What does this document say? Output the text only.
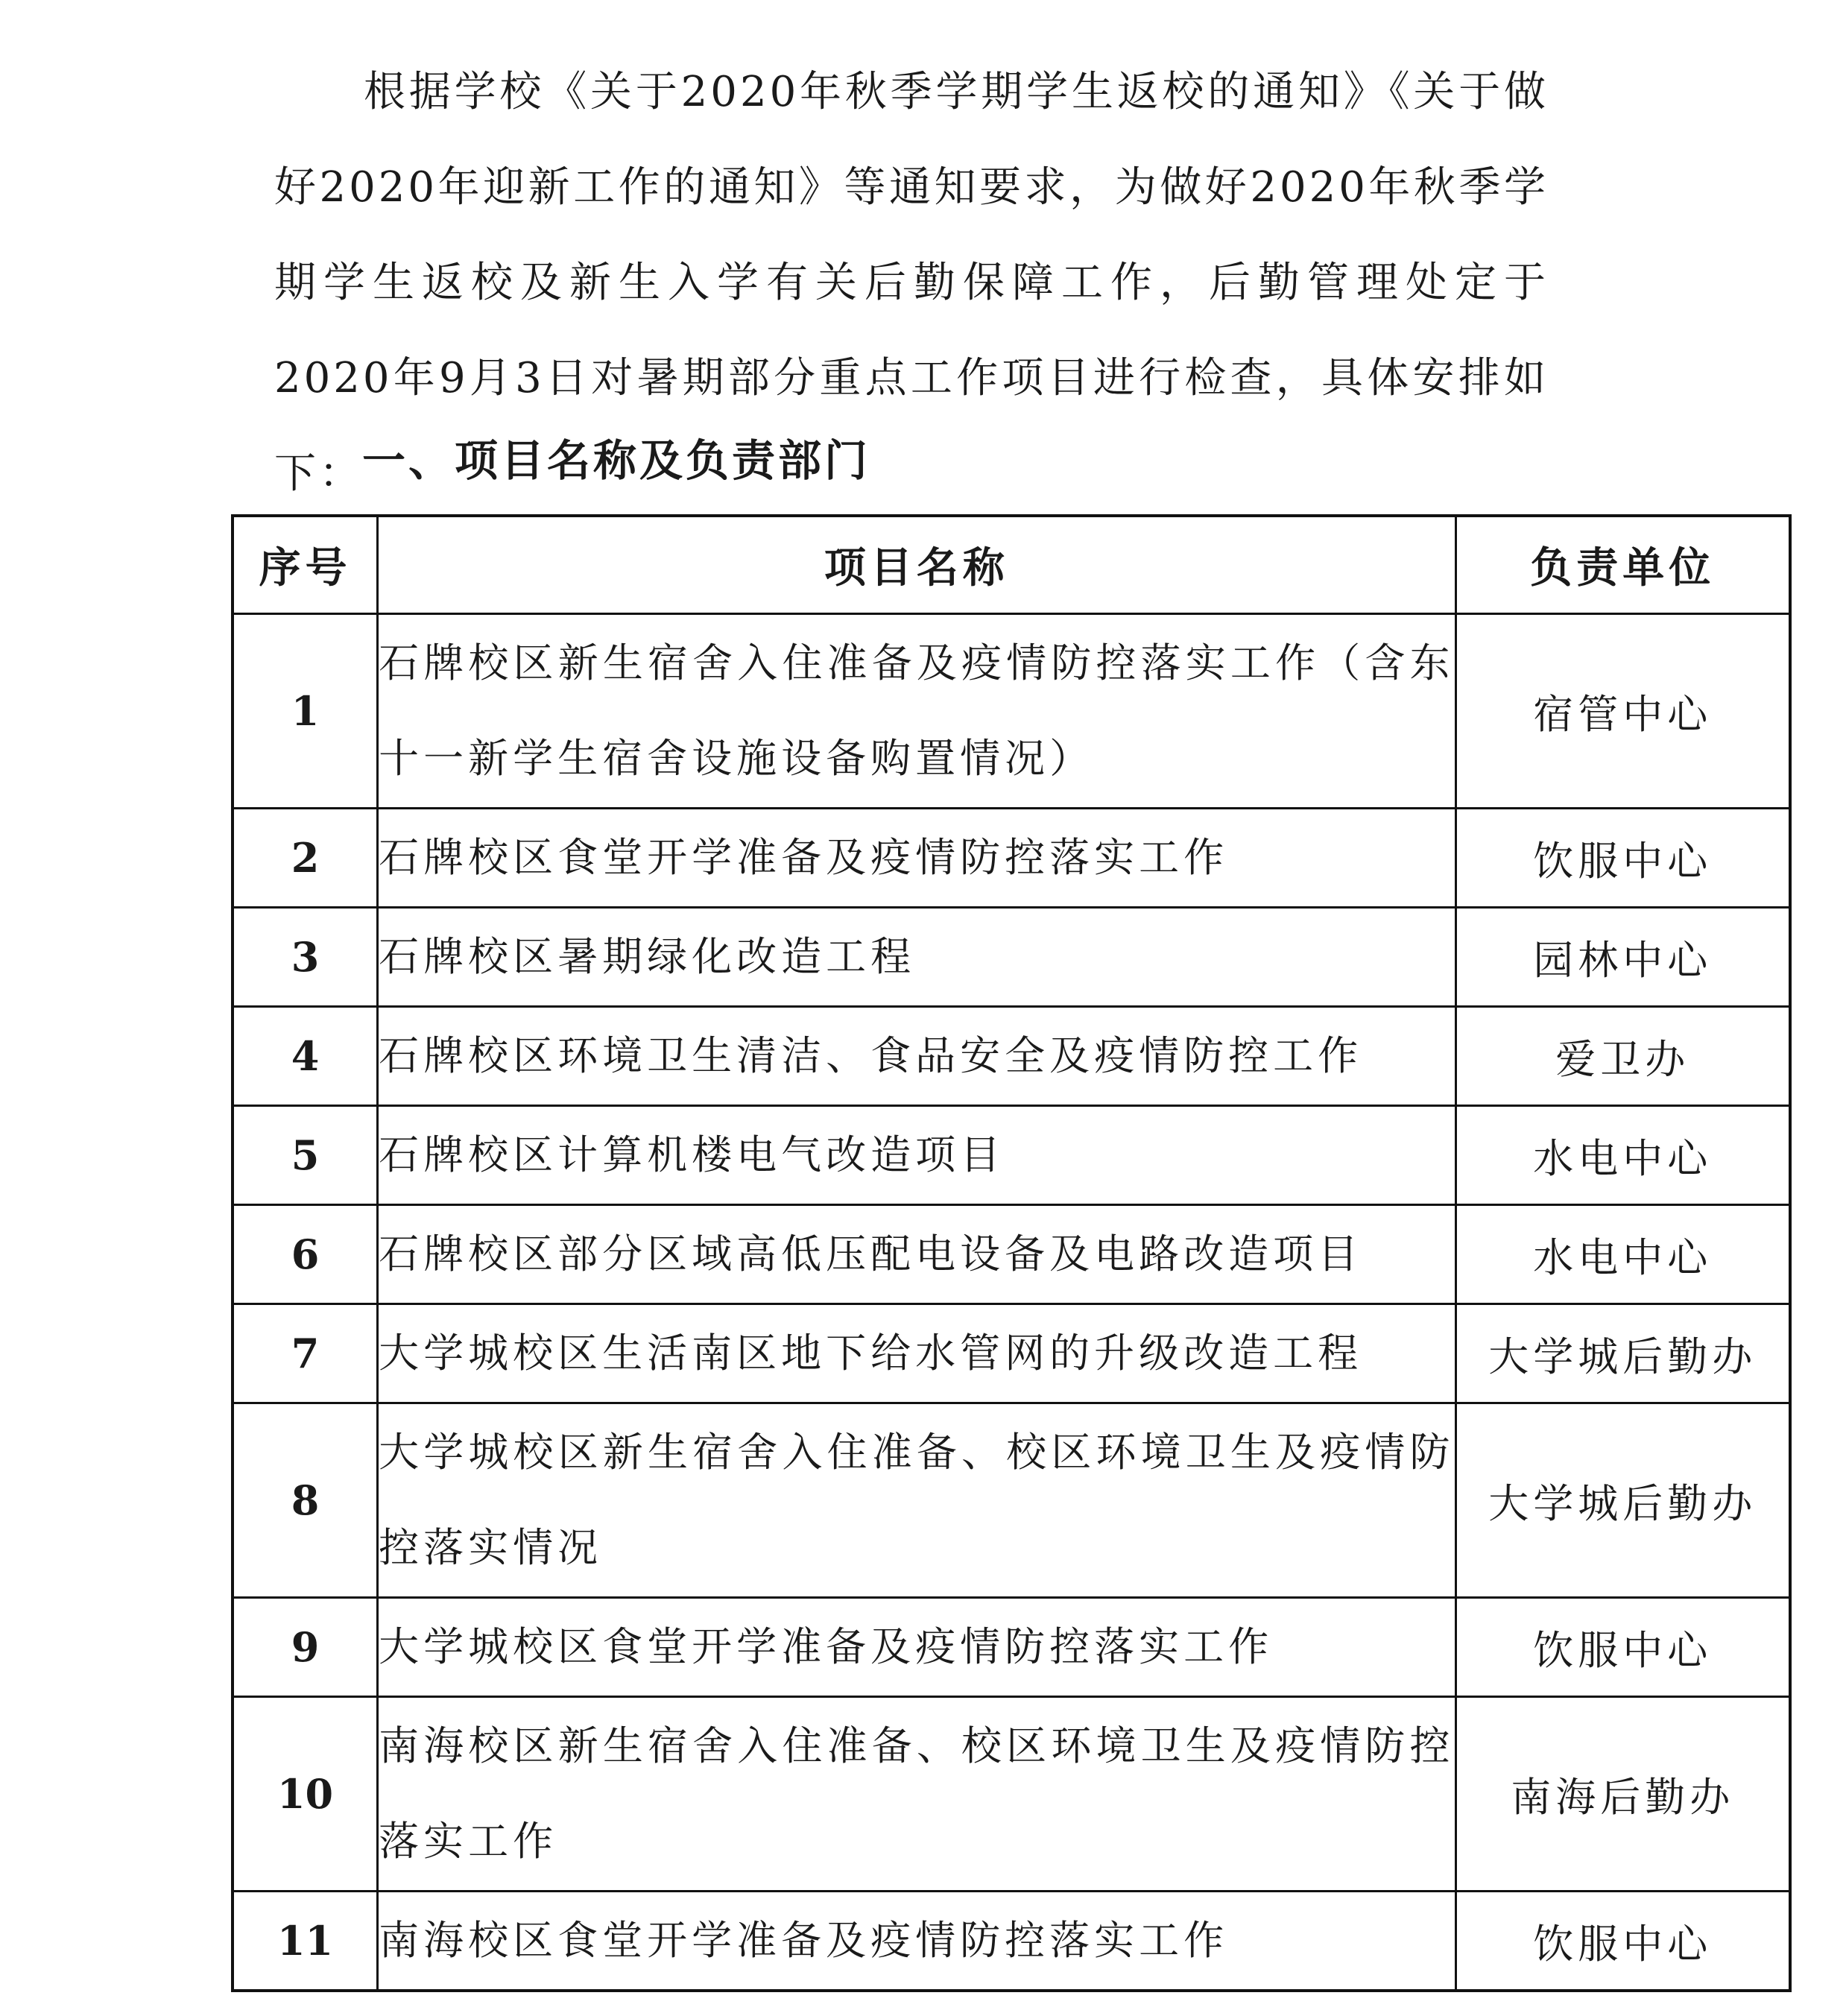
根据学校《关于2020年秋季学期学生返校的通知》《关于做好2020年迎新工作的通知》等通知要求，为做好2020年秋季学期学生返校及新生入学有关后勤保障工作，后勤管理处定于2020年9月3日对暑期部分重点工作项目进行检查，具体安排如下：

一、项目名称及负责部门
序号	项目名称	负责单位
1	石牌校区新生宿舍入住准备及疫情防控落实工作（含东十一新学生宿舍设施设备购置情况）	宿管中心
2	石牌校区食堂开学准备及疫情防控落实工作	饮服中心
3	石牌校区暑期绿化改造工程	园林中心
4	石牌校区环境卫生清洁、食品安全及疫情防控工作	爱卫办
5	石牌校区计算机楼电气改造项目	水电中心
6	石牌校区部分区域高低压配电设备及电路改造项目	水电中心
7	大学城校区生活南区地下给水管网的升级改造工程	大学城后勤办
8	大学城校区新生宿舍入住准备、校区环境卫生及疫情防控落实情况	大学城后勤办
9	大学城校区食堂开学准备及疫情防控落实工作	饮服中心
10	南海校区新生宿舍入住准备、校区环境卫生及疫情防控落实工作	南海后勤办
11	南海校区食堂开学准备及疫情防控落实工作	饮服中心
